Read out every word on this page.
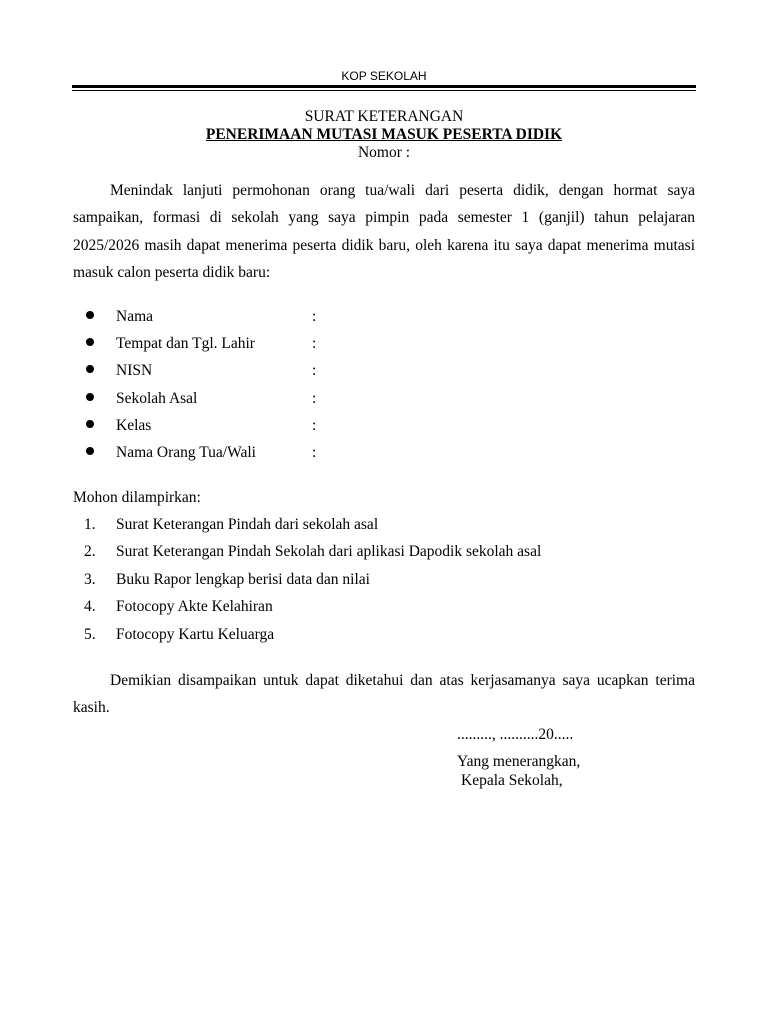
KOP SEKOLAH
SURAT KETERANGAN
PENERIMAAN MUTASI MASUK PESERTA DIDIK
Nomor :

Menindak lanjuti permohonan orang tua/wali dari peserta didik, dengan hormat saya sampaikan, formasi di sekolah yang saya pimpin pada semester 1 (ganjil) tahun pelajaran 2025/2026 masih dapat menerima peserta didik baru, oleh karena itu saya dapat menerima mutasi masuk calon peserta didik baru:

Nama	:
Tempat dan Tgl. Lahir	:
NISN	:
Sekolah Asal	:
Kelas	:
Nama Orang Tua/Wali	:
Mohon dilampirkan:
1. Surat Keterangan Pindah dari sekolah asal
2. Surat Keterangan Pindah Sekolah dari aplikasi Dapodik sekolah asal
3. Buku Rapor lengkap berisi data dan nilai
4. Fotocopy Akte Kelahiran
5. Fotocopy Kartu Keluarga

Demikian disampaikan untuk dapat diketahui dan atas kerjasamanya saya ucapkan terima kasih.

........., ..........20.....
Yang menerangkan,
Kepala Sekolah,
